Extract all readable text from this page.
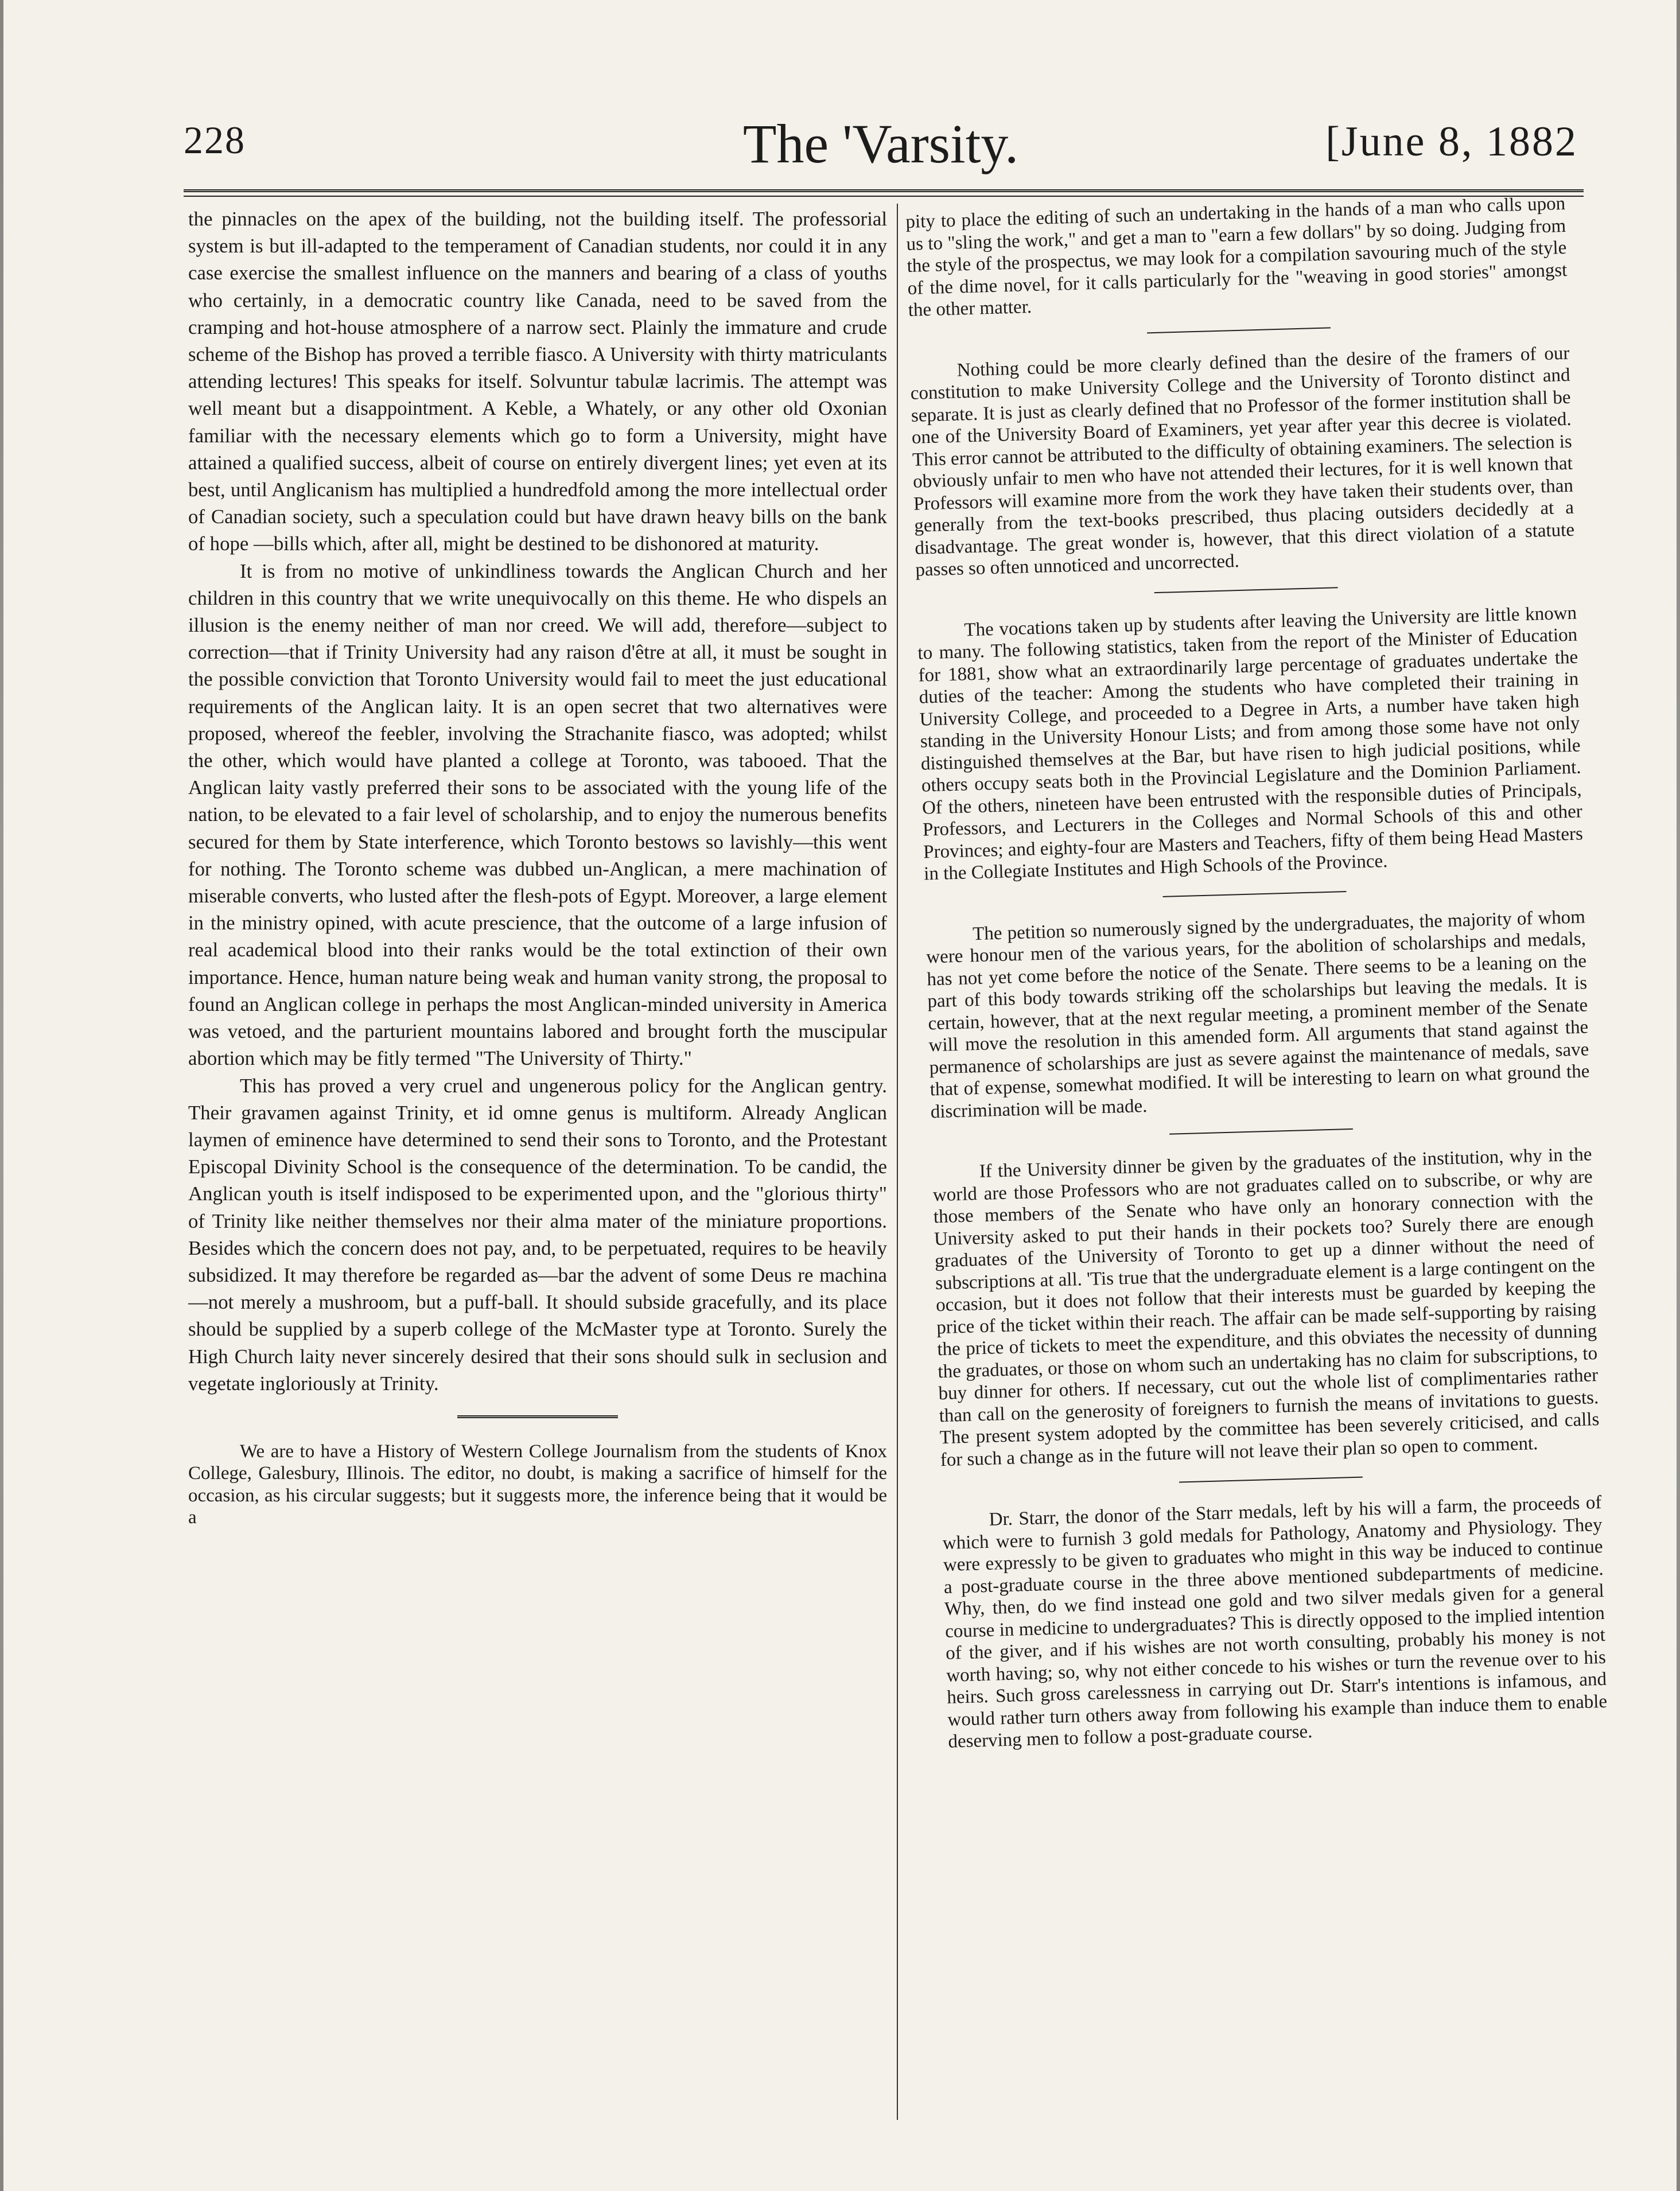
228	The 'Varsity.	[June 8, 1882

the pinnacles on the apex of the building, not the building itself. The professorial system is but ill-adapted to the temperament of Canadian students, nor could it in any case exercise the smallest influence on the manners and bearing of a class of youths who certainly, in a democratic country like Canada, need to be saved from the cramping and hot-house atmosphere of a narrow sect. Plainly the immature and crude scheme of the Bishop has proved a terrible fiasco. A University with thirty matriculants attending lectures! This speaks for itself. Solvuntur tabulæ lacrimis. The attempt was well meant but a disappointment. A Keble, a Whately, or any other old Oxonian familiar with the necessary elements which go to form a University, might have attained a qualified success, albeit of course on entirely divergent lines; yet even at its best, until Anglicanism has multiplied a hundredfold among the more intellectual order of Canadian society, such a speculation could but have drawn heavy bills on the bank of hope —bills which, after all, might be destined to be dishonored at maturity.

It is from no motive of unkindliness towards the Anglican Church and her children in this country that we write unequivocally on this theme. He who dispels an illusion is the enemy neither of man nor creed. We will add, therefore—subject to correction—that if Trinity University had any raison d'être at all, it must be sought in the possible conviction that Toronto University would fail to meet the just educational requirements of the Anglican laity. It is an open secret that two alternatives were proposed, whereof the feebler, involving the Strachanite fiasco, was adopted; whilst the other, which would have planted a college at Toronto, was tabooed. That the Anglican laity vastly preferred their sons to be associated with the young life of the nation, to be elevated to a fair level of scholarship, and to enjoy the numerous benefits secured for them by State interference, which Toronto bestows so lavishly—this went for nothing. The Toronto scheme was dubbed un-Anglican, a mere machination of miserable converts, who lusted after the flesh-pots of Egypt. Moreover, a large element in the ministry opined, with acute prescience, that the outcome of a large infusion of real academical blood into their ranks would be the total extinction of their own importance. Hence, human nature being weak and human vanity strong, the proposal to found an Anglican college in perhaps the most Anglican-minded university in America was vetoed, and the parturient mountains labored and brought forth the muscipular abortion which may be fitly termed "The University of Thirty."

This has proved a very cruel and ungenerous policy for the Anglican gentry. Their gravamen against Trinity, et id omne genus is multiform. Already Anglican laymen of eminence have determined to send their sons to Toronto, and the Protestant Episcopal Divinity School is the consequence of the determination. To be candid, the Anglican youth is itself indisposed to be experimented upon, and the "glorious thirty" of Trinity like neither themselves nor their alma mater of the miniature proportions. Besides which the concern does not pay, and, to be perpetuated, requires to be heavily subsidized. It may therefore be regarded as—bar the advent of some Deus re machina—not merely a mushroom, but a puff-ball. It should subside gracefully, and its place should be supplied by a superb college of the McMaster type at Toronto. Surely the High Church laity never sincerely desired that their sons should sulk in seclusion and vegetate ingloriously at Trinity.

We are to have a History of Western College Journalism from the students of Knox College, Galesbury, Illinois. The editor, no doubt, is making a sacrifice of himself for the occasion, as his circular suggests; but it suggests more, the inference being that it would be a

pity to place the editing of such an undertaking in the hands of a man who calls upon us to "sling the work," and get a man to "earn a few dollars" by so doing. Judging from the style of the prospectus, we may look for a compilation savouring much of the style of the dime novel, for it calls particularly for the "weaving in good stories" amongst the other matter.

Nothing could be more clearly defined than the desire of the framers of our constitution to make University College and the University of Toronto distinct and separate. It is just as clearly defined that no Professor of the former institution shall be one of the University Board of Examiners, yet year after year this decree is violated. This error cannot be attributed to the difficulty of obtaining examiners. The selection is obviously unfair to men who have not attended their lectures, for it is well known that Professors will examine more from the work they have taken their students over, than generally from the text-books prescribed, thus placing outsiders decidedly at a disadvantage. The great wonder is, however, that this direct violation of a statute passes so often unnoticed and uncorrected.

The vocations taken up by students after leaving the University are little known to many. The following statistics, taken from the report of the Minister of Education for 1881, show what an extraordinarily large percentage of graduates undertake the duties of the teacher: Among the students who have completed their training in University College, and proceeded to a Degree in Arts, a number have taken high standing in the University Honour Lists; and from among those some have not only distinguished themselves at the Bar, but have risen to high judicial positions, while others occupy seats both in the Provincial Legislature and the Dominion Parliament. Of the others, nineteen have been entrusted with the responsible duties of Principals, Professors, and Lecturers in the Colleges and Normal Schools of this and other Provinces; and eighty-four are Masters and Teachers, fifty of them being Head Masters in the Collegiate Institutes and High Schools of the Province.

The petition so numerously signed by the undergraduates, the majority of whom were honour men of the various years, for the abolition of scholarships and medals, has not yet come before the notice of the Senate. There seems to be a leaning on the part of this body towards striking off the scholarships but leaving the medals. It is certain, however, that at the next regular meeting, a prominent member of the Senate will move the resolution in this amended form. All arguments that stand against the permanence of scholarships are just as severe against the maintenance of medals, save that of expense, somewhat modified. It will be interesting to learn on what ground the discrimination will be made.

If the University dinner be given by the graduates of the institution, why in the world are those Professors who are not graduates called on to subscribe, or why are those members of the Senate who have only an honorary connection with the University asked to put their hands in their pockets too? Surely there are enough graduates of the University of Toronto to get up a dinner without the need of subscriptions at all. 'Tis true that the undergraduate element is a large contingent on the occasion, but it does not follow that their interests must be guarded by keeping the price of the ticket within their reach. The affair can be made self-supporting by raising the price of tickets to meet the expenditure, and this obviates the necessity of dunning the graduates, or those on whom such an undertaking has no claim for subscriptions, to buy dinner for others. If necessary, cut out the whole list of complimentaries rather than call on the generosity of foreigners to furnish the means of invitations to guests. The present system adopted by the committee has been severely criticised, and calls for such a change as in the future will not leave their plan so open to comment.

Dr. Starr, the donor of the Starr medals, left by his will a farm, the proceeds of which were to furnish 3 gold medals for Pathology, Anatomy and Physiology. They were expressly to be given to graduates who might in this way be induced to continue a post-graduate course in the three above mentioned subdepartments of medicine. Why, then, do we find instead one gold and two silver medals given for a general course in medicine to undergraduates? This is directly opposed to the implied intention of the giver, and if his wishes are not worth consulting, probably his money is not worth having; so, why not either concede to his wishes or turn the revenue over to his heirs. Such gross carelessness in carrying out Dr. Starr's intentions is infamous, and would rather turn others away from following his example than induce them to enable deserving men to follow a post-graduate course.
